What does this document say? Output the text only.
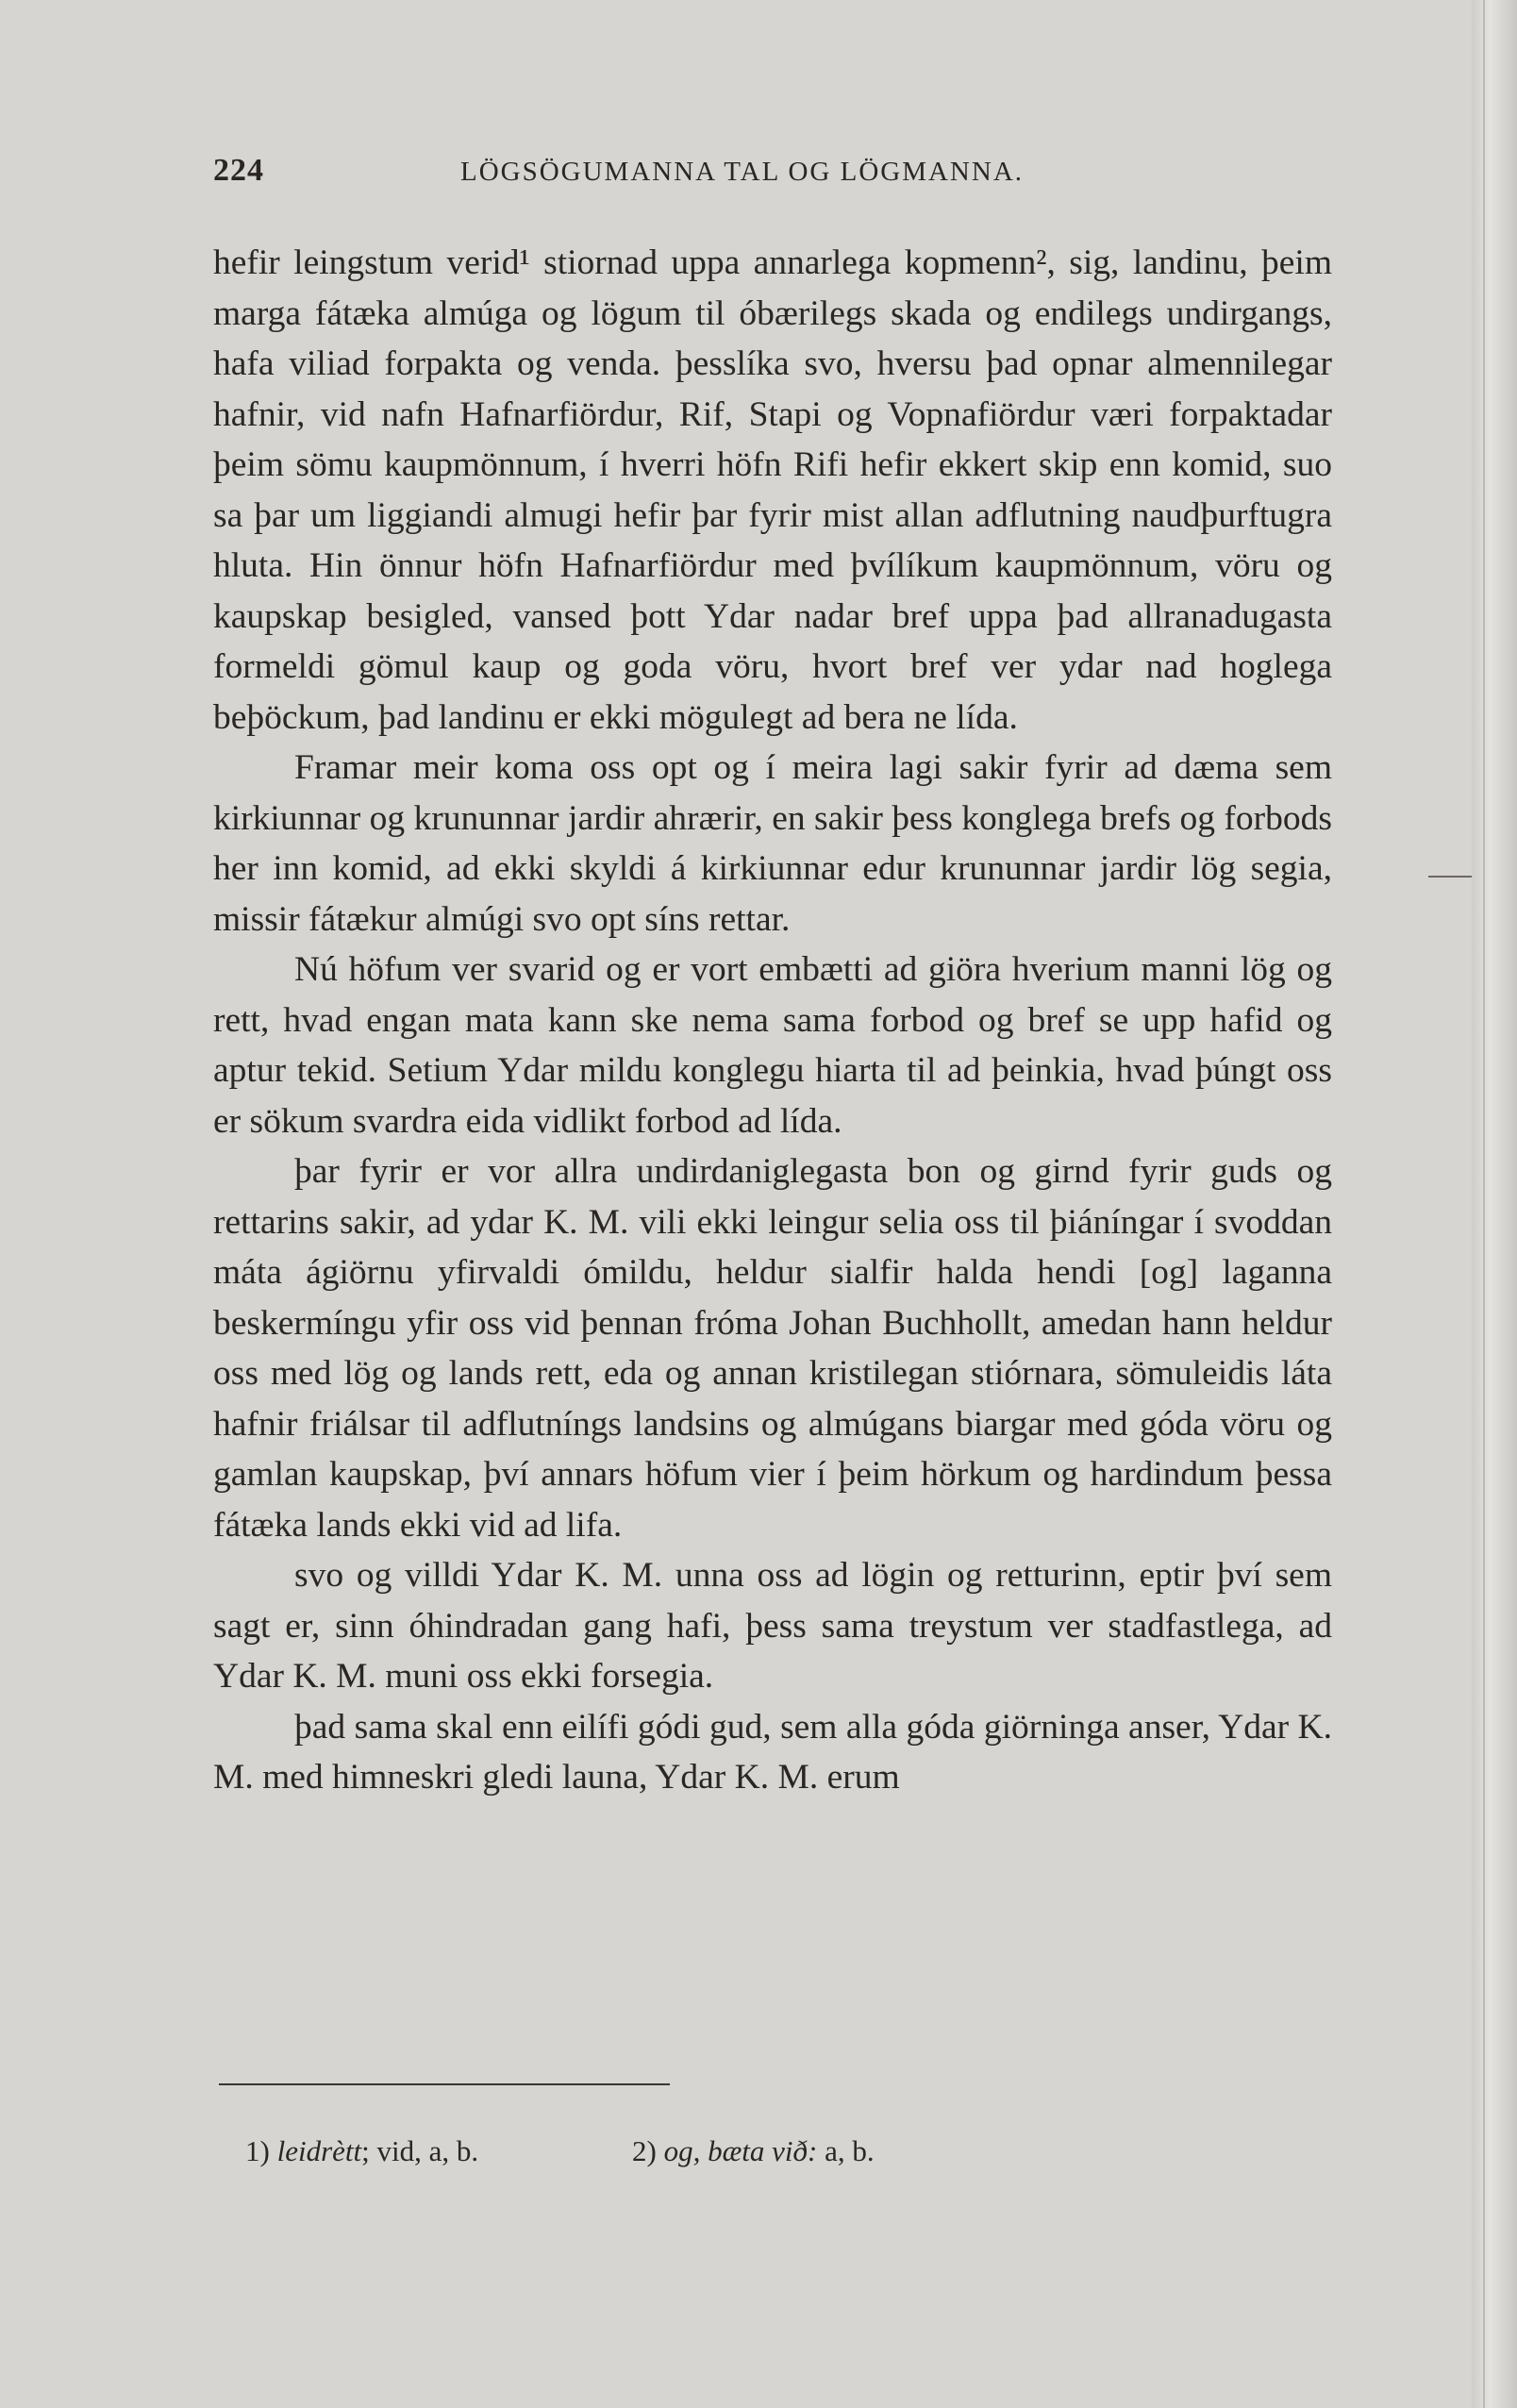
224	LÖGSÖGUMANNA TAL OG LÖGMANNA.

hefir leingstum verid¹ stiornad uppa annarlega kopmenn², sig, landinu, þeim marga fátæka almúga og lögum til óbærilegs skada og endilegs undirgangs, hafa viliad forpakta og venda. þesslíka svo, hversu þad opnar almennilegar hafnir, vid nafn Hafnarfiördur, Rif, Stapi og Vopnafiördur væri forpaktadar þeim sömu kaupmönnum, í hverri höfn Rifi hefir ekkert skip enn komid, suo sa þar um liggiandi almugi hefir þar fyrir mist allan adflutning naudþurftugra hluta. Hin önnur höfn Hafnarfiördur med þvílíkum kaupmönnum, vöru og kaupskap besigled, vansed þott Ydar nadar bref uppa þad allranadugasta formeldi gömul kaup og goda vöru, hvort bref ver ydar nad hoglega beþöckum, þad landinu er ekki mögulegt ad bera ne lída.

Framar meir koma oss opt og í meira lagi sakir fyrir ad dæma sem kirkiunnar og krununnar jardir ahrærir, en sakir þess konglega brefs og forbods her inn komid, ad ekki skyldi á kirkiunnar edur krununnar jardir lög segia, missir fátækur almúgi svo opt síns rettar.

Nú höfum ver svarid og er vort embætti ad giöra hverium manni lög og rett, hvad engan mata kann ske nema sama forbod og bref se upp hafid og aptur tekid. Setium Ydar mildu konglegu hiarta til ad þeinkia, hvad þúngt oss er sökum svardra eida vidlikt forbod ad lída.

þar fyrir er vor allra undirdaniglegasta bon og girnd fyrir guds og rettarins sakir, ad ydar K. M. vili ekki leingur selia oss til þiáníngar í svoddan máta ágiörnu yfirvaldi ómildu, heldur sialfir halda hendi [og] laganna beskermíngu yfir oss vid þennan fróma Johan Buchhollt, amedan hann heldur oss med lög og lands rett, eda og annan kristilegan stiórnara, sömuleidis láta hafnir friálsar til adflutníngs landsins og almúgans biargar med góda vöru og gamlan kaupskap, því annars höfum vier í þeim hörkum og hardindum þessa fátæka lands ekki vid ad lifa.

svo og villdi Ydar K. M. unna oss ad lögin og retturinn, eptir því sem sagt er, sinn óhindradan gang hafi, þess sama treystum ver stadfastlega, ad Ydar K. M. muni oss ekki forsegia.

þad sama skal enn eilífi gódi gud, sem alla góda giörninga anser, Ydar K. M. med himneskri gledi launa, Ydar K. M. erum

1) leidrètt; vid, a, b.	2) og, bæta við: a, b.
